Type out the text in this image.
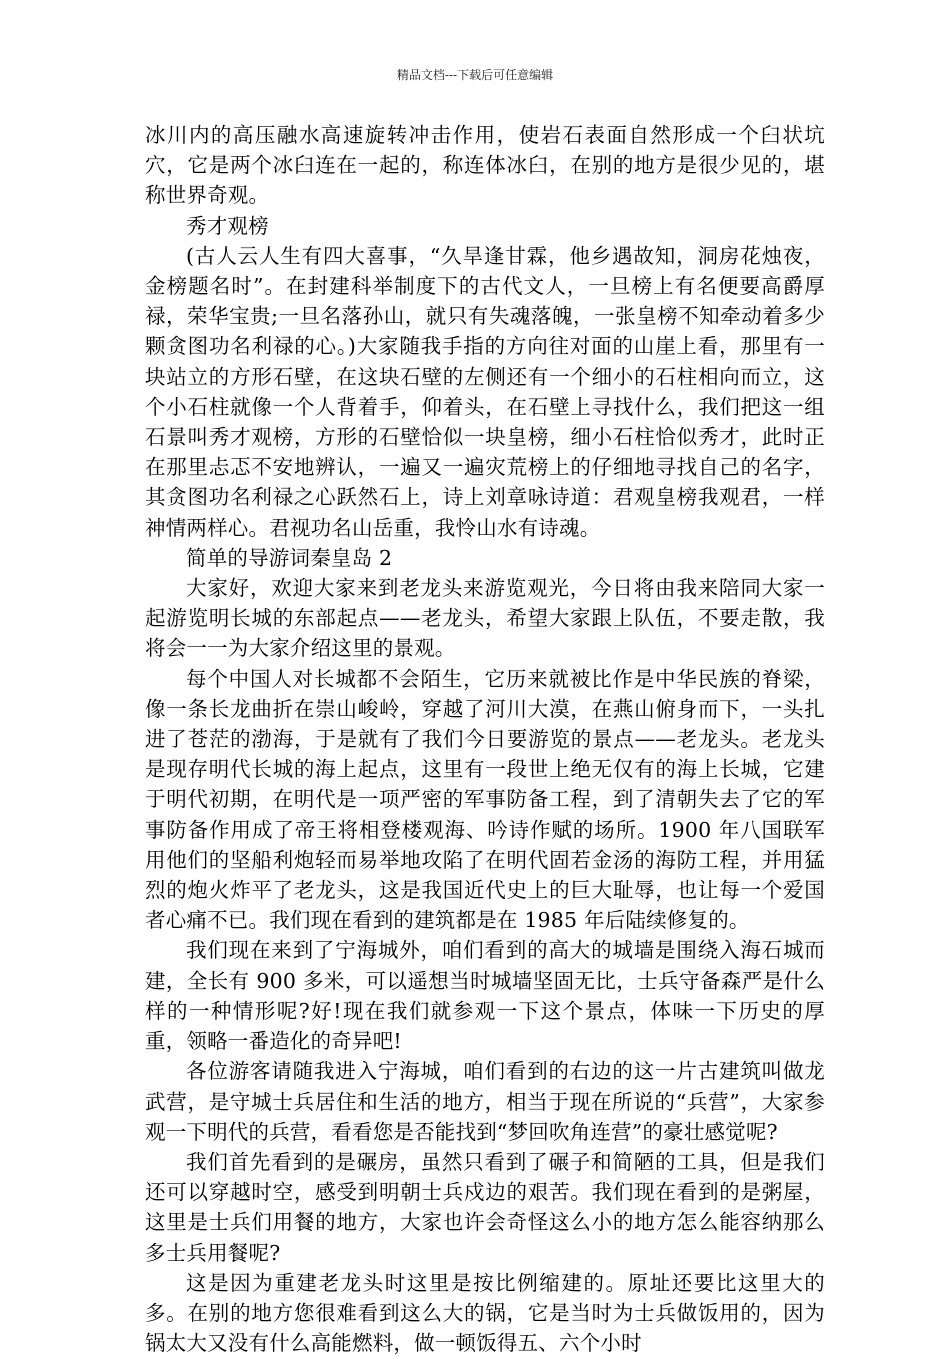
精品文档---下载后可任意编辑

冰川内的高压融水高速旋转冲击作用，使岩石表面自然形成一个臼状坑穴，它是两个冰臼连在一起的，称连体冰臼，在别的地方是很少见的，堪称世界奇观。

秀才观榜

(古人云人生有四大喜事，“久旱逢甘霖，他乡遇故知，洞房花烛夜，金榜题名时”。在封建科举制度下的古代文人，一旦榜上有名便要高爵厚禄，荣华宝贵;一旦名落孙山，就只有失魂落魄，一张皇榜不知牵动着多少颗贪图功名利禄的心。)大家随我手指的方向往对面的山崖上看，那里有一块站立的方形石壁，在这块石壁的左侧还有一个细小的石柱相向而立，这个小石柱就像一个人背着手，仰着头，在石壁上寻找什么，我们把这一组石景叫秀才观榜，方形的石壁恰似一块皇榜，细小石柱恰似秀才，此时正在那里忐忑不安地辨认，一遍又一遍灾荒榜上的仔细地寻找自己的名字，其贪图功名利禄之心跃然石上，诗上刘章咏诗道：君观皇榜我观君，一样神情两样心。君视功名山岳重，我怜山水有诗魂。

简单的导游词秦皇岛 2

大家好，欢迎大家来到老龙头来游览观光，今日将由我来陪同大家一起游览明长城的东部起点——老龙头，希望大家跟上队伍，不要走散，我将会一一为大家介绍这里的景观。

每个中国人对长城都不会陌生，它历来就被比作是中华民族的脊梁，像一条长龙曲折在崇山峻岭，穿越了河川大漠，在燕山俯身而下，一头扎进了苍茫的渤海，于是就有了我们今日要游览的景点——老龙头。老龙头是现存明代长城的海上起点，这里有一段世上绝无仅有的海上长城，它建于明代初期，在明代是一项严密的军事防备工程，到了清朝失去了它的军事防备作用成了帝王将相登楼观海、吟诗作赋的场所。1900 年八国联军用他们的坚船利炮轻而易举地攻陷了在明代固若金汤的海防工程，并用猛烈的炮火炸平了老龙头，这是我国近代史上的巨大耻辱，也让每一个爱国者心痛不已。我们现在看到的建筑都是在 1985 年后陆续修复的。

我们现在来到了宁海城外，咱们看到的高大的城墙是围绕入海石城而建，全长有 900 多米，可以遥想当时城墙坚固无比，士兵守备森严是什么样的一种情形呢?好!现在我们就参观一下这个景点，体味一下历史的厚重，领略一番造化的奇异吧!

各位游客请随我进入宁海城，咱们看到的右边的这一片古建筑叫做龙武营，是守城士兵居住和生活的地方，相当于现在所说的“兵营”，大家参观一下明代的兵营，看看您是否能找到“梦回吹角连营”的豪壮感觉呢?

我们首先看到的是碾房，虽然只看到了碾子和简陋的工具，但是我们还可以穿越时空，感受到明朝士兵戍边的艰苦。我们现在看到的是粥屋，这里是士兵们用餐的地方，大家也许会奇怪这么小的地方怎么能容纳那么多士兵用餐呢?

这是因为重建老龙头时这里是按比例缩建的。原址还要比这里大的多。在别的地方您很难看到这么大的锅，它是当时为士兵做饭用的，因为锅太大又没有什么高能燃料，做一顿饭得五、六个小时
